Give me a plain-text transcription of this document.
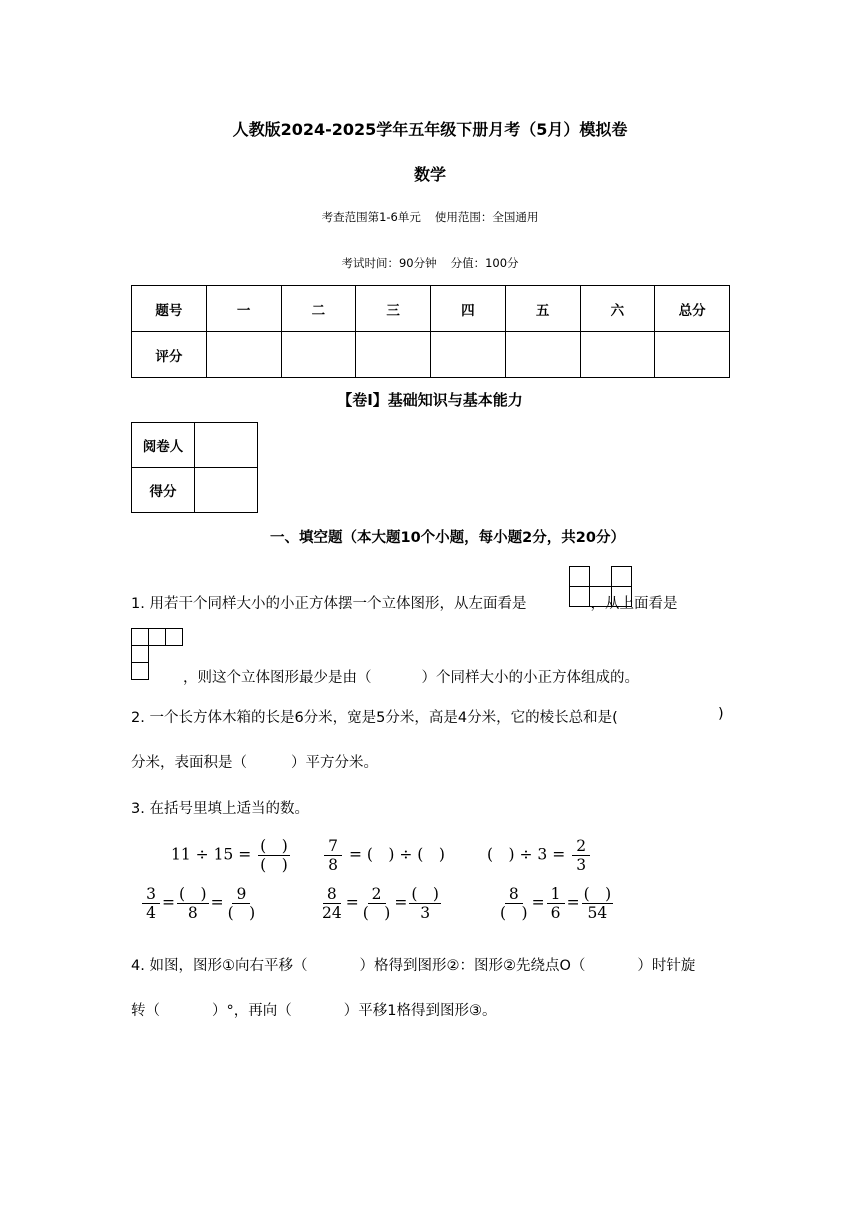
人教版2024-2025学年五年级下册月考（5月）模拟卷
数学
考查范围第1-6单元 使用范围：全国通用
考试时间：90分钟 分值：100分
题号	一	二	三	四	五	六	总分
评分							
【卷I】基础知识与基本能力
阅卷人	
得分	
一、填空题（本大题10个小题，每小题2分，共20分）
1. 用若干个同样大小的小正方体摆一个立体图形，从左面看是	，从上面看是
，则这个立体图形最少是由（	）个同样大小的小正方体组成的。
2. 一个长方体木箱的长是6分米，宽是5分米，高是4分米，它的棱长总和是(	)
分米，表面积是（	）平方分米。
3. 在括号里填上适当的数。
$11 \div 15 = \frac{( )}{( )} \frac{7}{8}$ = (　) ÷ (　)	(　) ÷ $3 = \frac{2}{3}$
$\frac{3}{4} = \frac{( )}{8} = \frac{9}{( )}$	$\frac{8}{24} = \frac{2}{( )} = \frac{( )}{3}$	$\frac{8}{( )} = \frac{1}{6} = \frac{( )}{54}$
4. 如图，图形①向右平移（	）格得到图形②：图形②先绕点O（	）时针旋
转（	）°，再向（	）平移1格得到图形③。
